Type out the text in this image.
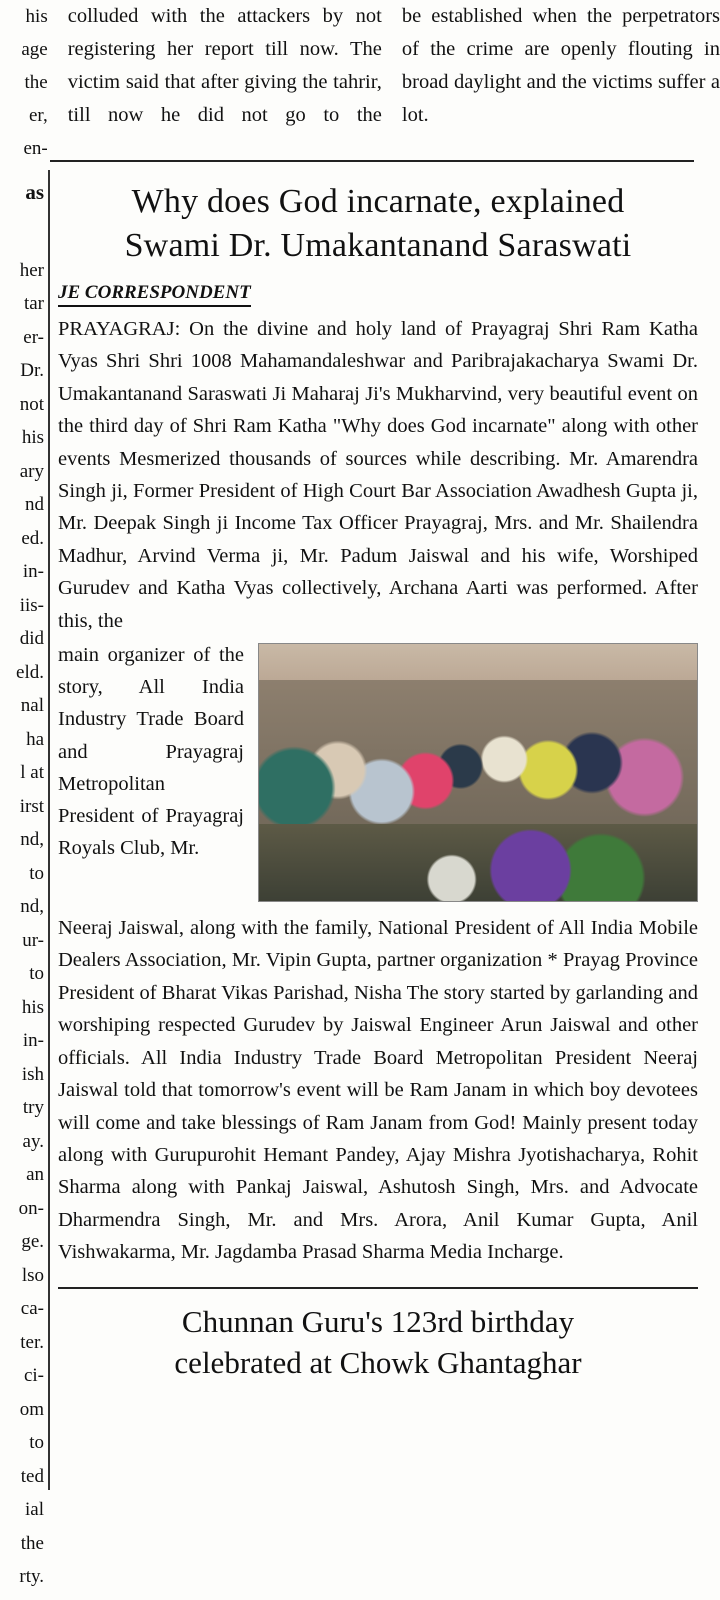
his

age

the

er,

en-

colluded with the attackers by not registering her report till now. The victim said that after giving the tahrir, till now he did not go to the

be established when the perpetrators of the crime are openly flouting in broad daylight and the victims suffer a lot.

as

her

tar

er-

Dr.

not

his

ary

nd

ed.

in-

iis-

did

eld.

nal

ha

l at

irst

nd,

to

nd,

ur-

to

his

in-

ish

try

ay.

an

on-

ge.

lso

ca-

ter.

ci-

om

to

ted

ial

the

rty.

Why does God incarnate, explained
Swami Dr. Umakantanand Saraswati
JE CORRESPONDENT

PRAYAGRAJ: On the divine and holy land of Prayagraj Shri Ram Katha Vyas Shri Shri 1008 Mahamandaleshwar and Paribrajakacharya Swami Dr. Umakantanand Saraswati Ji Maharaj Ji's Mukharvind, very beautiful event on the third day of Shri Ram Katha "Why does God incarnate" along with other events Mesmerized thousands of sources while describing. Mr. Amarendra Singh ji, Former President of High Court Bar Association Awadhesh Gupta ji, Mr. Deepak Singh ji Income Tax Officer Prayagraj, Mrs. and Mr. Shailendra Madhur, Arvind Verma ji, Mr. Padum Jaiswal and his wife, Worshiped Gurudev and Katha Vyas collectively, Archana Aarti was performed. After this, the

main organizer of the story, All India Industry Trade Board and Prayagraj Metropolitan President of Prayagraj Royals Club, Mr.

Neeraj Jaiswal, along with the family, National President of All India Mobile Dealers Association, Mr. Vipin Gupta, partner organization * Prayag Province President of Bharat Vikas Parishad, Nisha The story started by garlanding and worshiping respected Gurudev by Jaiswal Engineer Arun Jaiswal and other officials. All India Industry Trade Board Metropolitan President Neeraj Jaiswal told that tomorrow's event will be Ram Janam in which boy devotees will come and take blessings of Ram Janam from God! Mainly present today along with Gurupurohit Hemant Pandey, Ajay Mishra Jyotishacharya, Rohit Sharma along with Pankaj Jaiswal, Ashutosh Singh, Mrs. and Advocate Dharmendra Singh, Mr. and Mrs. Arora, Anil Kumar Gupta, Anil Vishwakarma, Mr. Jagdamba Prasad Sharma Media Incharge.

Chunnan Guru's 123rd birthday
celebrated at Chowk Ghantaghar
